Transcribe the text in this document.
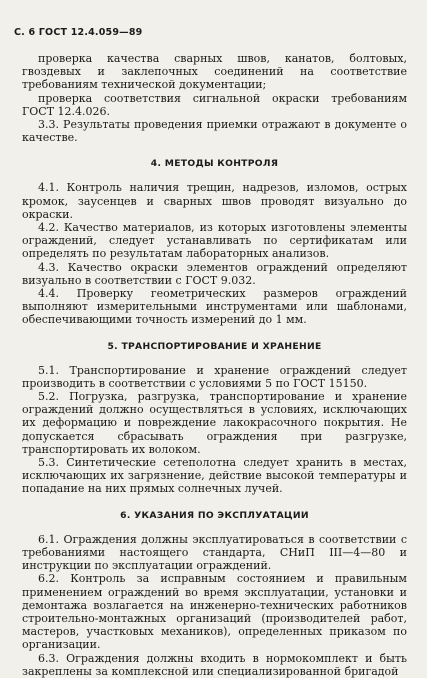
С. 6 ГОСТ 12.4.059—89

проверка качества сварных швов, канатов, болтовых, гвоздевых и заклепочных соединений на соответствие требованиям технической документации;

проверка соответствия сигнальной окраски требованиям ГОСТ 12.4.026.

3.3. Результаты проведения приемки отражают в документе о качестве.

4. МЕТОДЫ КОНТРОЛЯ

4.1. Контроль наличия трещин, надрезов, изломов, острых кромок, заусенцев и сварных швов проводят визуально до окраски.

4.2. Качество материалов, из которых изготовлены элементы ограждений, следует устанавливать по сертификатам или определять по результатам лабораторных анализов.

4.3. Качество окраски элементов ограждений определяют визуально в соответствии с ГОСТ 9.032.

4.4. Проверку геометрических размеров ограждений выполняют измерительными инструментами или шаблонами, обеспечивающими точность измерений до 1 мм.

5. ТРАНСПОРТИРОВАНИЕ И ХРАНЕНИЕ

5.1. Транспортирование и хранение ограждений следует производить в соответствии с условиями 5 по ГОСТ 15150.

5.2. Погрузка, разгрузка, транспортирование и хранение ограждений должно осуществляться в условиях, исключающих их деформацию и повреждение лакокрасочного покрытия. Не допускается сбрасывать ограждения при разгрузке, транспортировать их волоком.

5.3. Синтетические сетеполотна следует хранить в местах, исключающих их загрязнение, действие высокой температуры и попадание на них прямых солнечных лучей.

6. УКАЗАНИЯ ПО ЭКСПЛУАТАЦИИ

6.1. Ограждения должны эксплуатироваться в соответствии с требованиями настоящего стандарта, СНиП III—4—80 и инструкции по эксплуатации ограждений.

6.2. Контроль за исправным состоянием и правильным применением ограждений во время эксплуатации, установки и демонтажа возлагается на инженерно-технических работников строительно-монтажных организаций (производителей работ, мастеров, участковых механиков), определенных приказом по организации.

6.3. Ограждения должны входить в нормокомплект и быть закреплены за комплексной или специализированной бригадой
